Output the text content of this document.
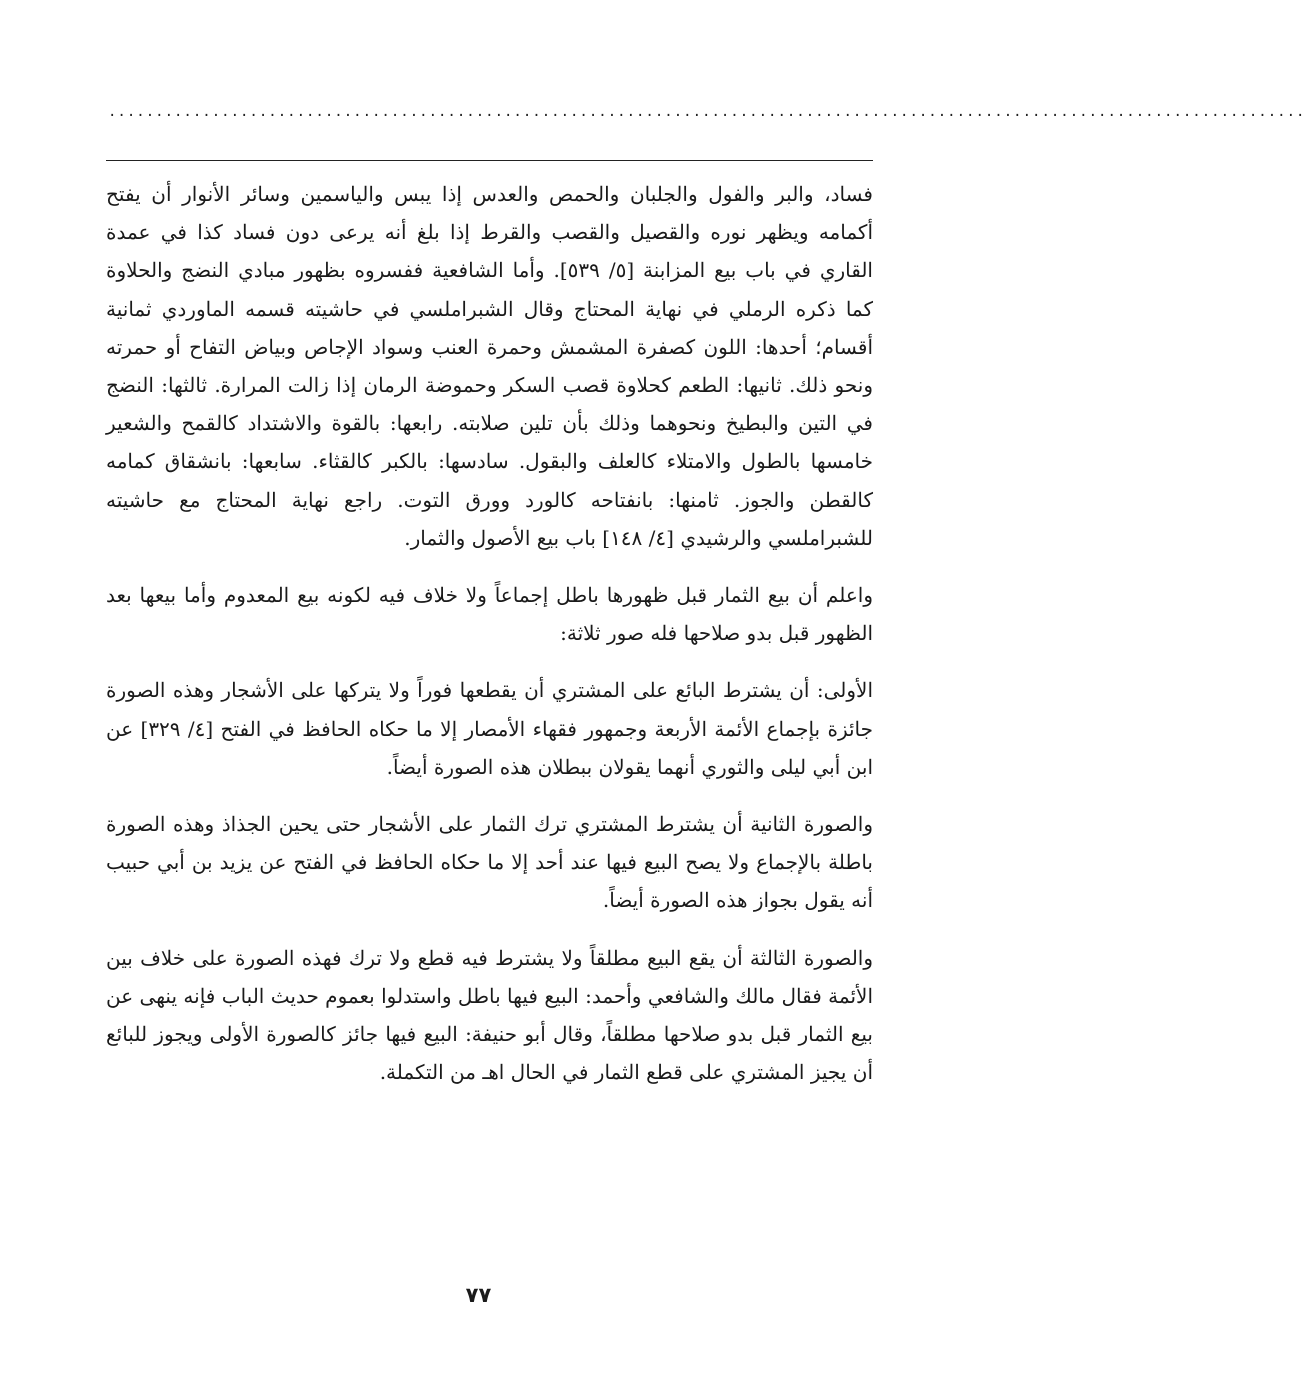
...............................................................................................................................

فساد، والبر والفول والجلبان والحمص والعدس إذا يبس والياسمين وسائر الأنوار أن يفتح أكمامه ويظهر نوره والقصيل والقصب والقرط إذا بلغ أنه يرعى دون فساد كذا في عمدة القاري في باب بيع المزابنة [٥/ ٥٣٩]. وأما الشافعية ففسروه بظهور مبادي النضج والحلاوة كما ذكره الرملي في نهاية المحتاج وقال الشبراملسي في حاشيته قسمه الماوردي ثمانية أقسام؛ أحدها: اللون كصفرة المشمش وحمرة العنب وسواد الإجاص وبياض التفاح أو حمرته ونحو ذلك. ثانيها: الطعم كحلاوة قصب السكر وحموضة الرمان إذا زالت المرارة. ثالثها: النضج في التين والبطيخ ونحوهما وذلك بأن تلين صلابته. رابعها: بالقوة والاشتداد كالقمح والشعير خامسها بالطول والامتلاء كالعلف والبقول. سادسها: بالكبر كالقثاء. سابعها: بانشقاق كمامه كالقطن والجوز. ثامنها: بانفتاحه كالورد وورق التوت. راجع نهاية المحتاج مع حاشيته للشبراملسي والرشيدي [٤/ ١٤٨] باب بيع الأصول والثمار.

واعلم أن بيع الثمار قبل ظهورها باطل إجماعاً ولا خلاف فيه لكونه بيع المعدوم وأما بيعها بعد الظهور قبل بدو صلاحها فله صور ثلاثة:

الأولى: أن يشترط البائع على المشتري أن يقطعها فوراً ولا يتركها على الأشجار وهذه الصورة جائزة بإجماع الأئمة الأربعة وجمهور فقهاء الأمصار إلا ما حكاه الحافظ في الفتح [٤/ ٣٢٩] عن ابن أبي ليلى والثوري أنهما يقولان ببطلان هذه الصورة أيضاً.

والصورة الثانية أن يشترط المشتري ترك الثمار على الأشجار حتى يحين الجذاذ وهذه الصورة باطلة بالإجماع ولا يصح البيع فيها عند أحد إلا ما حكاه الحافظ في الفتح عن يزيد بن أبي حبيب أنه يقول بجواز هذه الصورة أيضاً.

والصورة الثالثة أن يقع البيع مطلقاً ولا يشترط فيه قطع ولا ترك فهذه الصورة على خلاف بين الأئمة فقال مالك والشافعي وأحمد: البيع فيها باطل واستدلوا بعموم حديث الباب فإنه ينهى عن بيع الثمار قبل بدو صلاحها مطلقاً، وقال أبو حنيفة: البيع فيها جائز كالصورة الأولى ويجوز للبائع أن يجيز المشتري على قطع الثمار في الحال اهـ من التكملة.

٧٧
